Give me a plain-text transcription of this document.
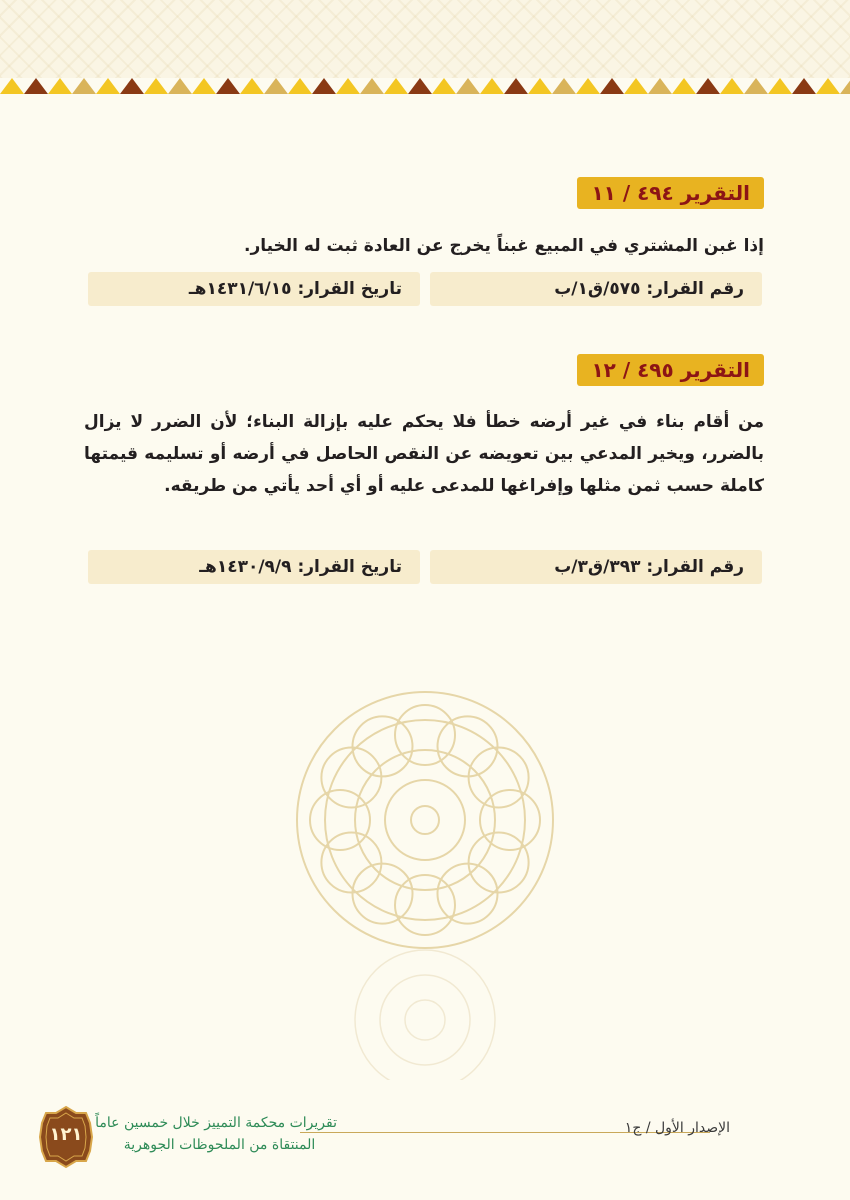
التقرير ٤٩٤ / ١١
إذا غبن المشتري في المبيع غبناً يخرج عن العادة ثبت له الخيار.
رقم القرار: ٥٧٥/ق١/ب
تاريخ القرار: ١٤٣١/٦/١٥هـ
التقرير ٤٩٥ / ١٢
من أقام بناء في غير أرضه خطأ فلا يحكم عليه بإزالة البناء؛ لأن الضرر لا يزال بالضرر، ويخير المدعي بين تعويضه عن النقص الحاصل في أرضه أو تسليمه قيمتها كاملة حسب ثمن مثلها وإفراغها للمدعى عليه أو أي أحد يأتي من طريقه.
رقم القرار: ٣٩٣/ق٣/ب
تاريخ القرار: ١٤٣٠/٩/٩هـ
الإصدار الأول / ج١
١٢١
تقريرات محكمة التمييز خلال خمسين عاماً
المنتقاة من الملحوظات الجوهرية
